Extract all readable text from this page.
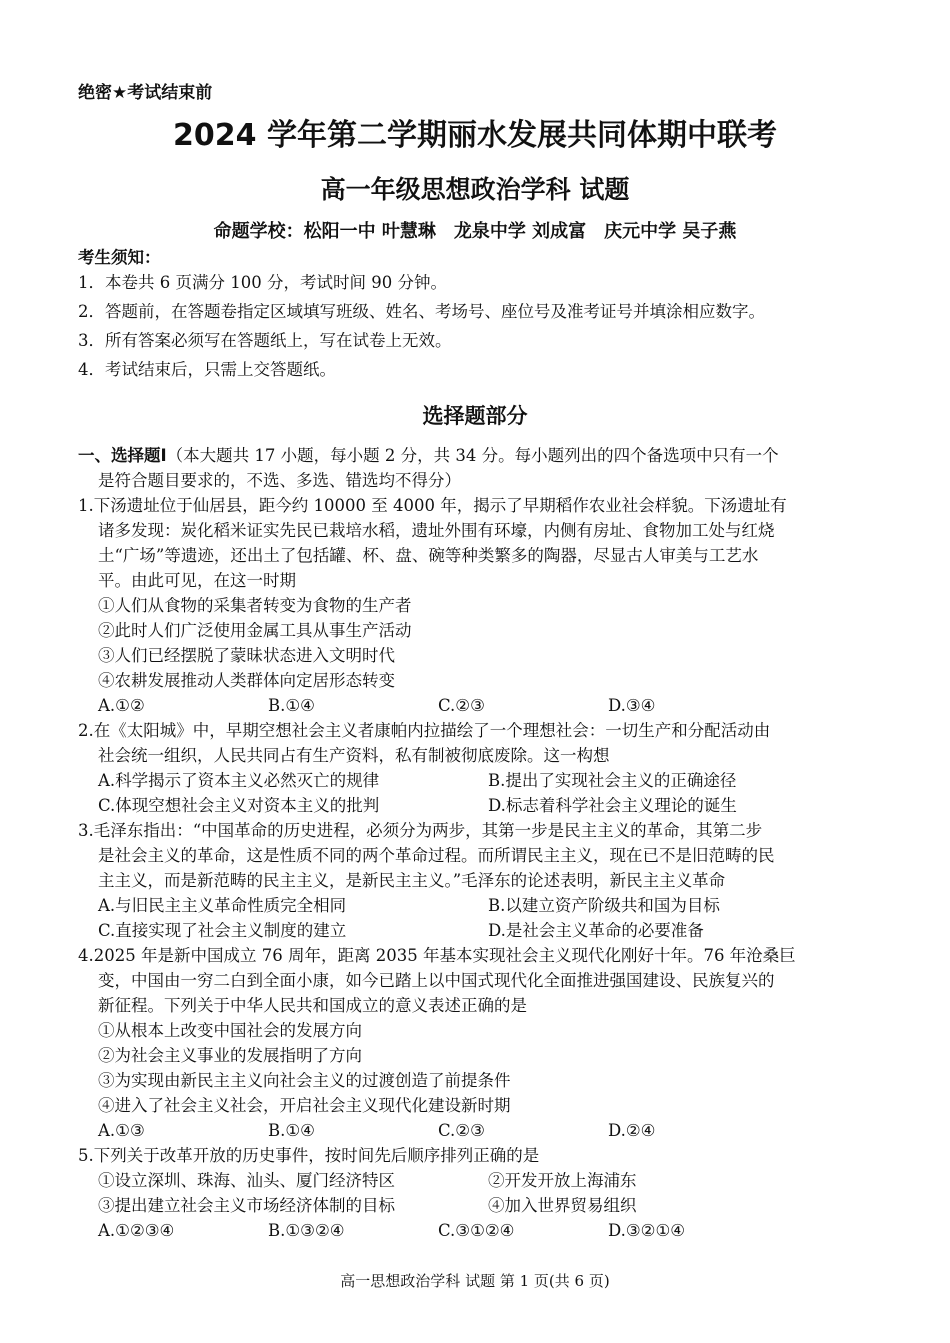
绝密★考试结束前
2024 学年第二学期丽水发展共同体期中联考
高一年级思想政治学科 试题
命题学校：松阳一中 叶慧琳　龙泉中学 刘成富　庆元中学 吴子燕
考生须知：
1．本卷共 6 页满分 100 分，考试时间 90 分钟。
2．答题前，在答题卷指定区域填写班级、姓名、考场号、座位号及准考证号并填涂相应数字。
3．所有答案必须写在答题纸上，写在试卷上无效。
4．考试结束后，只需上交答题纸。
选择题部分
一、选择题Ⅰ（本大题共 17 小题，每小题 2 分，共 34 分。每小题列出的四个备选项中只有一个
是符合题目要求的，不选、多选、错选均不得分）
1.下汤遗址位于仙居县，距今约 10000 至 4000 年，揭示了早期稻作农业社会样貌。下汤遗址有
诸多发现：炭化稻米证实先民已栽培水稻，遗址外围有环壕，内侧有房址、食物加工处与红烧
土“广场”等遗迹，还出土了包括罐、杯、盘、碗等种类繁多的陶器，尽显古人审美与工艺水
平。由此可见，在这一时期
①人们从食物的采集者转变为食物的生产者
②此时人们广泛使用金属工具从事生产活动
③人们已经摆脱了蒙昧状态进入文明时代
④农耕发展推动人类群体向定居形态转变
A.①②	B.①④	C.②③	D.③④
2.在《太阳城》中，早期空想社会主义者康帕内拉描绘了一个理想社会：一切生产和分配活动由
社会统一组织，人民共同占有生产资料，私有制被彻底废除。这一构想
A.科学揭示了资本主义必然灭亡的规律	B.提出了实现社会主义的正确途径
C.体现空想社会主义对资本主义的批判	D.标志着科学社会主义理论的诞生
3.毛泽东指出：“中国革命的历史进程，必须分为两步，其第一步是民主主义的革命，其第二步
是社会主义的革命，这是性质不同的两个革命过程。而所谓民主主义，现在已不是旧范畴的民
主主义，而是新范畴的民主主义，是新民主主义。”毛泽东的论述表明，新民主主义革命
A.与旧民主主义革命性质完全相同	B.以建立资产阶级共和国为目标
C.直接实现了社会主义制度的建立	D.是社会主义革命的必要准备
4.2025 年是新中国成立 76 周年，距离 2035 年基本实现社会主义现代化刚好十年。76 年沧桑巨
变，中国由一穷二白到全面小康，如今已踏上以中国式现代化全面推进强国建设、民族复兴的
新征程。下列关于中华人民共和国成立的意义表述正确的是
①从根本上改变中国社会的发展方向
②为社会主义事业的发展指明了方向
③为实现由新民主主义向社会主义的过渡创造了前提条件
④进入了社会主义社会，开启社会主义现代化建设新时期
A.①③	B.①④	C.②③	D.②④
5.下列关于改革开放的历史事件，按时间先后顺序排列正确的是
①设立深圳、珠海、汕头、厦门经济特区	②开发开放上海浦东
③提出建立社会主义市场经济体制的目标	④加入世界贸易组织
A.①②③④	B.①③②④	C.③①②④	D.③②①④
高一思想政治学科 试题 第 1 页(共 6 页)
